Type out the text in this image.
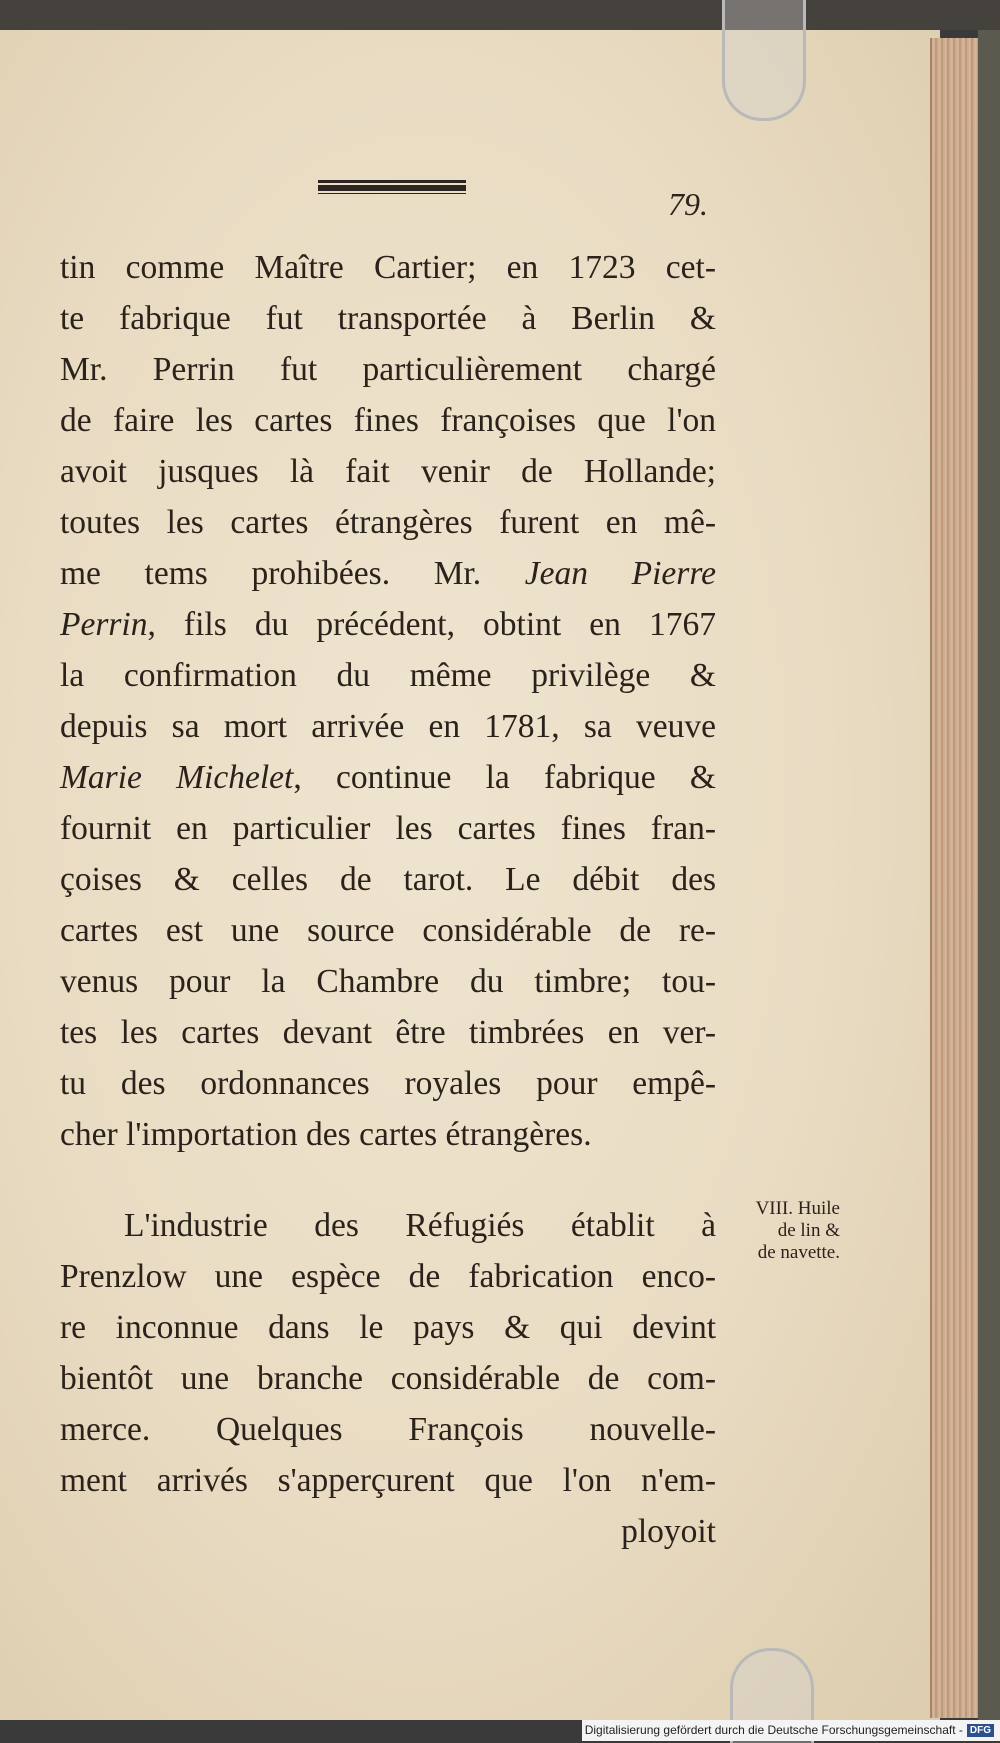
79.
tin comme Maître Cartier; en 1723 cet-
te fabrique fut transportée à Berlin &
Mr. Perrin fut particulièrement chargé
de faire les cartes fines françoises que l'on
avoit jusques là fait venir de Hollande;
toutes les cartes étrangères furent en mê-
me tems prohibées. Mr. Jean Pierre
Perrin, fils du précédent, obtint en 1767
la confirmation du même privilège &
depuis sa mort arrivée en 1781, sa veuve
Marie Michelet, continue la fabrique &
fournit en particulier les cartes fines fran-
çoises & celles de tarot. Le débit des
cartes est une source considérable de re-
venus pour la Chambre du timbre; tou-
tes les cartes devant être timbrées en ver-
tu des ordonnances royales pour empê-
cher l'importation des cartes étrangères.
L'industrie des Réfugiés établit à
Prenzlow une espèce de fabrication enco-
re inconnue dans le pays & qui devint
bientôt une branche considérable de com-
merce. Quelques François nouvelle-
ment arrivés s'apperçurent que l'on n'em-
ployoit
VIII. Huile
de lin &
de navette.
Digitalisierung gefördert durch die Deutsche Forschungsgemeinschaft - DFG
